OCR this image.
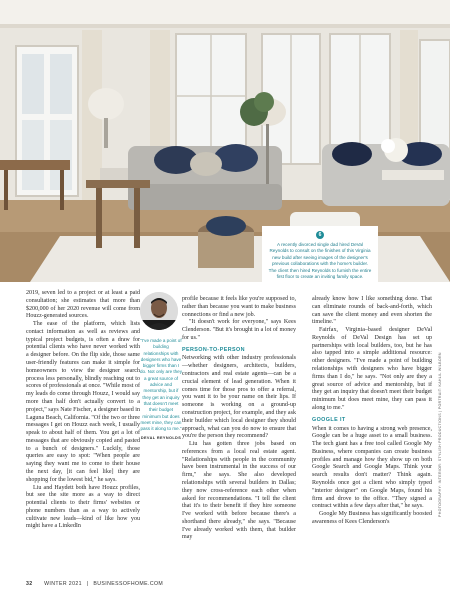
6
A recently divorced single dad hired DeVal Reynolds to consult on the finishes of this Virginia new build after seeing images of the designer's previous collaborations with the home's builder. The client then hired Reynolds to furnish the entire first floor to create an inviting family space.
PHOTOGRAPHY: INTERIOR: STYLISH PRODUCTIONS | PORTRAIT: KAHLIL WILBORN

2019, seven led to a project or at least a paid consultation; she estimates that more than $200,000 of her 2020 revenue will come from Houzz-generated sources.

The ease of the platform, which lists contact information as well as reviews and typical project budgets, is often a draw for potential clients who have never worked with a designer before. On the flip side, those same user-friendly features can make it simple for homeowners to view the designer search process less personally, blindly reaching out to scores of professionals at once. "While most of my leads do come through Houzz, I would say more than half don't actually convert to a project," says Nate Fischer, a designer based in Laguna Beach, California. "Of the two or three messages I get on Houzz each week, I usually speak to about half of them. You get a lot of messages that are obviously copied and pasted to a bunch of designers." Luckily, those queries are easy to spot: "When people are saying they want me to come to their house the next day, [it can feel like] they are shopping for the lowest bid," he says.

Liu and Haydett both have Houzz profiles, but see the site more as a way to direct potential clients to their firms' websites or phone numbers than as a way to actively cultivate new leads—kind of like how you might have a LinkedIn

"I've made a point of building relationships with designers who have bigger firms than I do. Not only are they a great source of advice and mentorship, but if they get an inquiry that doesn't meet their budget minimum but does meet mine, they can pass it along to me."
DEVAL REYNOLDS

profile because it feels like you're supposed to, rather than because you want to make business connections or find a new job.

"It doesn't work for everyone," says Kees Clenderson. "But it's brought in a lot of money for us."

PERSON-TO-PERSON

Networking with other industry professionals—whether designers, architects, builders, contractors and real estate agents—can be a crucial element of lead generation. When it comes time for those pros to offer a referral, you want it to be your name on their lips. If someone is working on a ground-up construction project, for example, and they ask their builder which local designer they should approach, what can you do now to ensure that you're the person they recommend?

Liu has gotten three jobs based on references from a local real estate agent. "Relationships with people in the community have been instrumental in the success of our firm," she says. She also developed relationships with several builders in Dallas; they now cross-reference each other when asked for recommendations. "I tell the client that it's to their benefit if they hire someone I've worked with before because there's a shorthand there already," she says. "Because I've already worked with them, that builder may

already know how I like something done. That can eliminate rounds of back-and-forth, which can save the client money and even shorten the timeline."

Fairfax, Virginia–based designer DeVal Reynolds of DeVal Design has set up partnerships with local builders, too, but he has also tapped into a simple additional resource: other designers. "I've made a point of building relationships with designers who have bigger firms than I do," he says. "Not only are they a great source of advice and mentorship, but if they get an inquiry that doesn't meet their budget minimum but does meet mine, they can pass it along to me."

GOOGLE IT

When it comes to having a strong web presence, Google can be a huge asset to a small business. The tech giant has a free tool called Google My Business, where companies can create business profiles and manage how they show up on both Google Search and Google Maps. Think your search results don't matter? Think again. Reynolds once got a client who simply typed "interior designer" on Google Maps, found his firm and drove to the office. "They signed a contract within a few days after that," he says.

Google My Business has significantly boosted awareness of Kees Clenderson's

32 WINTER 2021 | BUSINESSOFHOME.COM
